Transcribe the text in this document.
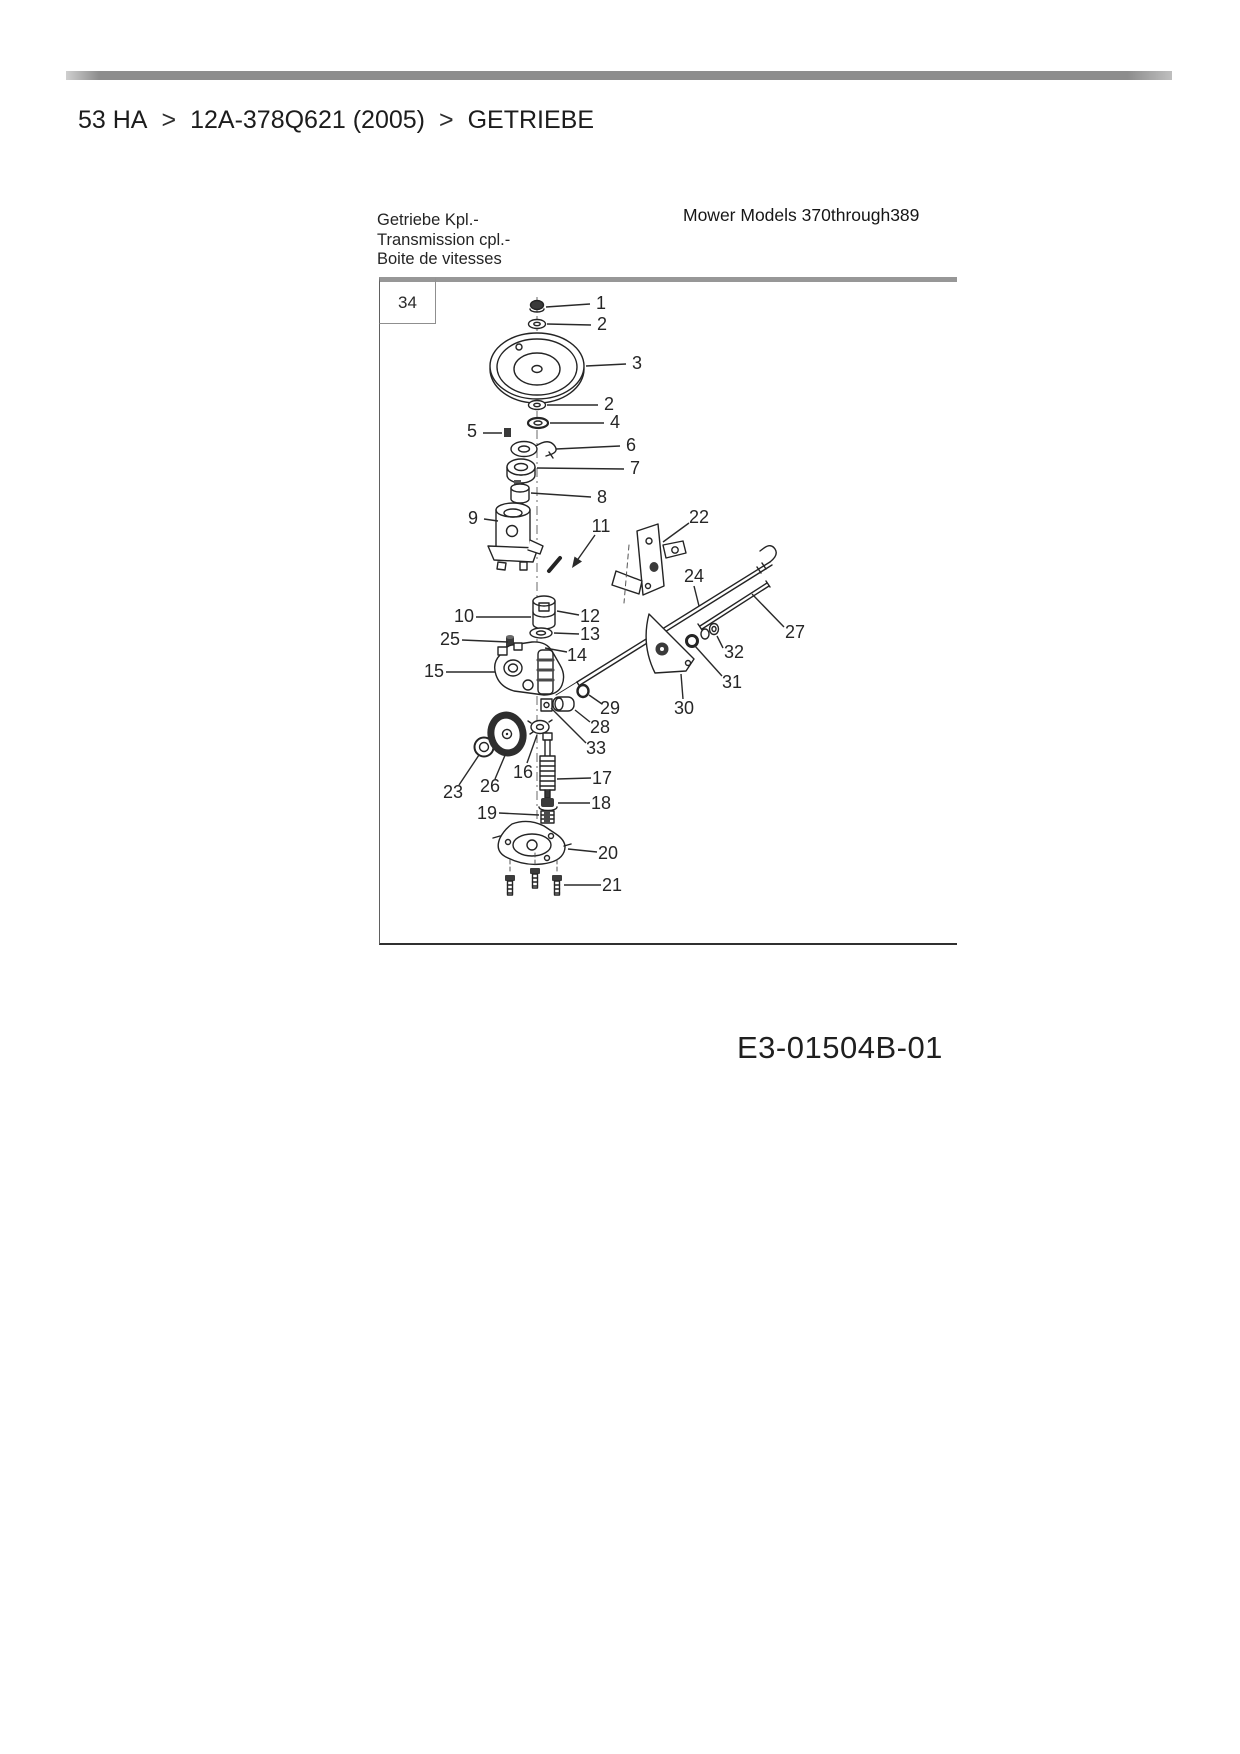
53 HA > 12A-378Q621 (2005) > GETRIEBE
Getriebe Kpl.-
Transmission cpl.-
Boite de vitesses
Mower Models 370through389
34	1
2
3
2
4
5
6
7
8
9	11	22
24
10	12
13
25
14
15
27
32
31
30
29
28
33
16	17
23 26
18
19
20
21
E3-01504B-01
